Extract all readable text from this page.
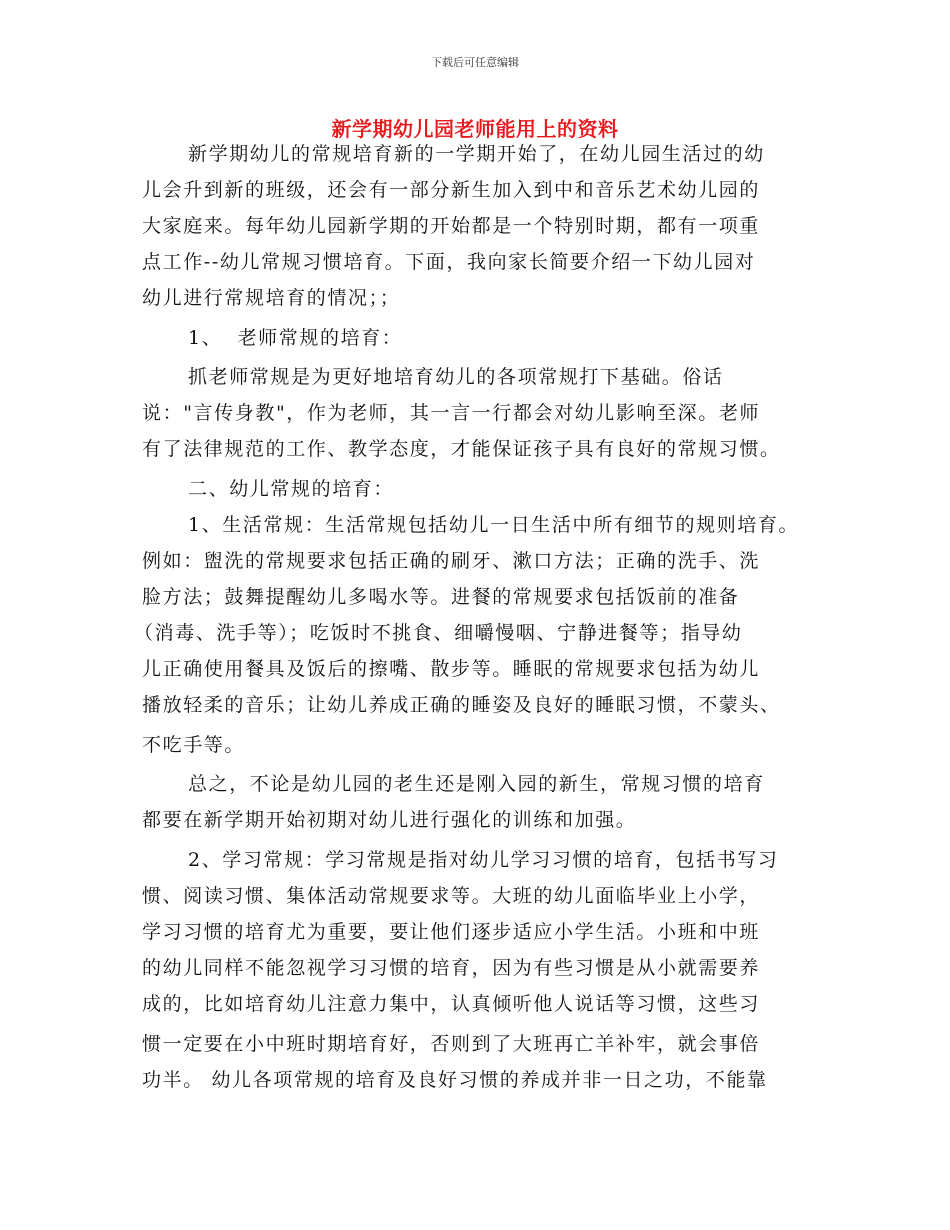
下载后可任意编辑
新学期幼儿园老师能用上的资料
新学期幼儿的常规培育新的一学期开始了，在幼儿园生活过的幼
儿会升到新的班级，还会有一部分新生加入到中和音乐艺术幼儿园的
大家庭来。每年幼儿园新学期的开始都是一个特别时期，都有一项重
点工作--幼儿常规习惯培育。下面，我向家长简要介绍一下幼儿园对
幼儿进行常规培育的情况；；
1、  老师常规的培育：
抓老师常规是为更好地培育幼儿的各项常规打下基础。俗话
说："言传身教"，作为老师，其一言一行都会对幼儿影响至深。老师
有了法律规范的工作、教学态度，才能保证孩子具有良好的常规习惯。
二、幼儿常规的培育：
1、生活常规：生活常规包括幼儿一日生活中所有细节的规则培育。
例如：盥洗的常规要求包括正确的刷牙、漱口方法；正确的洗手、洗
脸方法；鼓舞提醒幼儿多喝水等。进餐的常规要求包括饭前的准备
（消毒、洗手等）；吃饭时不挑食、细嚼慢咽、宁静进餐等；指导幼
儿正确使用餐具及饭后的擦嘴、散步等。睡眠的常规要求包括为幼儿
播放轻柔的音乐；让幼儿养成正确的睡姿及良好的睡眠习惯，不蒙头、
不吃手等。
总之，不论是幼儿园的老生还是刚入园的新生，常规习惯的培育
都要在新学期开始初期对幼儿进行强化的训练和加强。
2、学习常规：学习常规是指对幼儿学习习惯的培育，包括书写习
惯、阅读习惯、集体活动常规要求等。大班的幼儿面临毕业上小学，
学习习惯的培育尤为重要，要让他们逐步适应小学生活。小班和中班
的幼儿同样不能忽视学习习惯的培育，因为有些习惯是从小就需要养
成的，比如培育幼儿注意力集中，认真倾听他人说话等习惯，这些习
惯一定要在小中班时期培育好，否则到了大班再亡羊补牢，就会事倍
功半。 幼儿各项常规的培育及良好习惯的养成并非一日之功，不能靠
